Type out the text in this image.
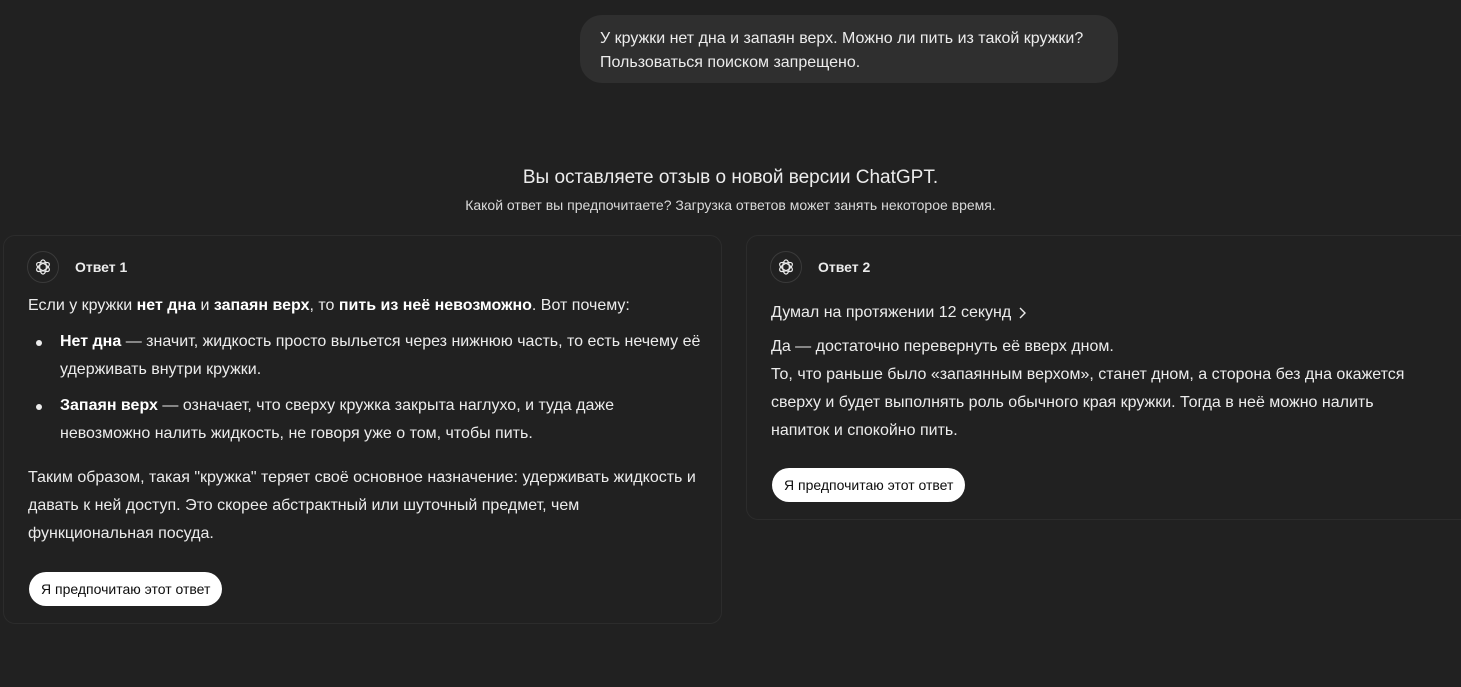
У кружки нет дна и запаян верх. Можно ли пить из такой кружки?
Пользоваться поиском запрещено.
Вы оставляете отзыв о новой версии ChatGPT.
Какой ответ вы предпочитаете? Загрузка ответов может занять некоторое время.
Ответ 1
Если у кружки нет дна и запаян верх, то пить из неё невозможно. Вот почему:
Нет дна — значит, жидкость просто выльется через нижнюю часть, то есть нечему её удерживать внутри кружки.
Запаян верх — означает, что сверху кружка закрыта наглухо, и туда даже невозможно налить жидкость, не говоря уже о том, чтобы пить.
Таким образом, такая "кружка" теряет своё основное назначение: удерживать жидкость и давать к ней доступ. Это скорее абстрактный или шуточный предмет, чем функциональная посуда.
Я предпочитаю этот ответ
Ответ 2
Думал на протяжении 12 секунд
Да — достаточно перевернуть её вверх дном.
То, что раньше было «запаянным верхом», станет дном, а сторона без дна окажется сверху и будет выполнять роль обычного края кружки. Тогда в неё можно налить напиток и спокойно пить.
Я предпочитаю этот ответ
